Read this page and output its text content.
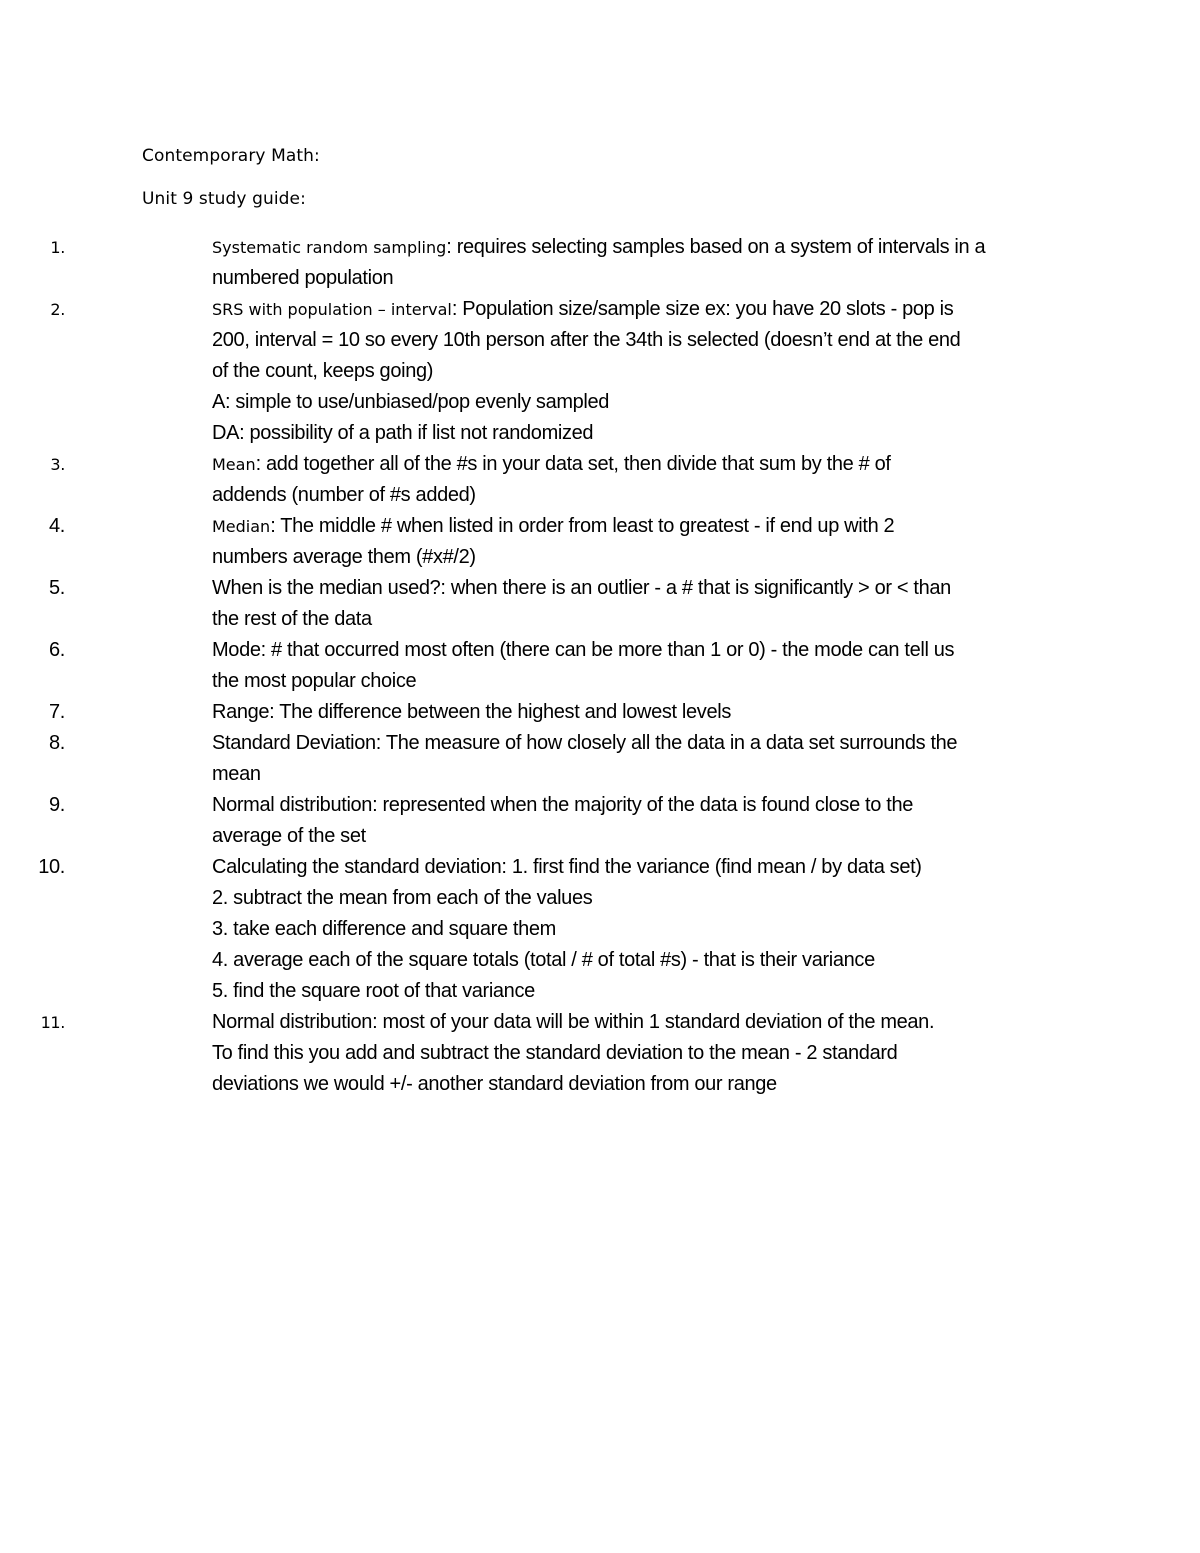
Contemporary Math:
Unit 9 study guide:
1.	Systematic random sampling: requires selecting samples based on a system of intervals in a
numbered population
2.	SRS with population – interval: Population size/sample size ex: you have 20 slots - pop is
200, interval = 10 so every 10th person after the 34th is selected (doesn’t end at the end
of the count, keeps going)
A: simple to use/unbiased/pop evenly sampled
DA: possibility of a path if list not randomized
3.	Mean: add together all of the #s in your data set, then divide that sum by the # of
addends (number of #s added)
4.	Median: The middle # when listed in order from least to greatest - if end up with 2
numbers average them (#x#/2)
5.	When is the median used?: when there is an outlier - a # that is significantly > or < than
the rest of the data
6.	Mode: # that occurred most often (there can be more than 1 or 0) - the mode can tell us
the most popular choice
7.	Range: The difference between the highest and lowest levels
8.	Standard Deviation: The measure of how closely all the data in a data set surrounds the
mean
9.	Normal distribution: represented when the majority of the data is found close to the
average of the set
10.	Calculating the standard deviation: 1. first find the variance (find mean / by data set)
2. subtract the mean from each of the values
3. take each difference and square them
4. average each of the square totals (total / # of total #s) - that is their variance
5. find the square root of that variance
11.	Normal distribution: most of your data will be within 1 standard deviation of the mean.
To find this you add and subtract the standard deviation to the mean - 2 standard
deviations we would +/- another standard deviation from our range
